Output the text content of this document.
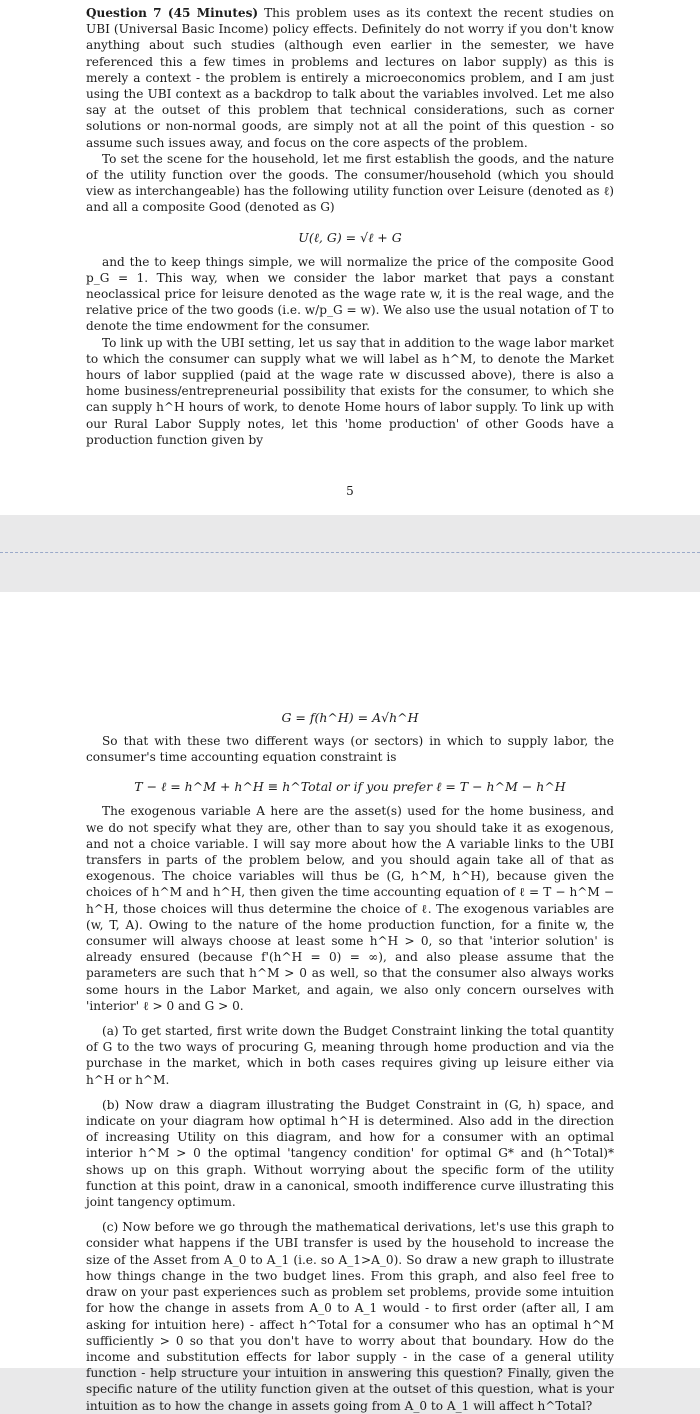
Question 7 (45 Minutes) This problem uses as its context the recent studies on UBI (Universal Basic Income) policy effects. Definitely do not worry if you don't know anything about such studies (although even earlier in the semester, we have referenced this a few times in problems and lectures on labor supply) as this is merely a context - the problem is entirely a microeconomics problem, and I am just using the UBI context as a backdrop to talk about the variables involved. Let me also say at the outset of this problem that technical considerations, such as corner solutions or non-normal goods, are simply not at all the point of this question - so assume such issues away, and focus on the core aspects of the problem.

To set the scene for the household, let me first establish the goods, and the nature of the utility function over the goods. The consumer/household (which you should view as interchangeable) has the following utility function over Leisure (denoted as ℓ) and all a composite Good (denoted as G)

U(ℓ, G) = √ℓ + G

and the to keep things simple, we will normalize the price of the composite Good p_G = 1. This way, when we consider the labor market that pays a constant neoclassical price for leisure denoted as the wage rate w, it is the real wage, and the relative price of the two goods (i.e. w/p_G = w). We also use the usual notation of T to denote the time endowment for the consumer.

To link up with the UBI setting, let us say that in addition to the wage labor market to which the consumer can supply what we will label as h^M, to denote the Market hours of labor supplied (paid at the wage rate w discussed above), there is also a home business/entrepreneurial possibility that exists for the consumer, to which she can supply h^H hours of work, to denote Home hours of labor supply. To link up with our Rural Labor Supply notes, let this 'home production' of other Goods have a production function given by

5
G = f(h^H) = A√h^H

So that with these two different ways (or sectors) in which to supply labor, the consumer's time accounting equation constraint is

T − ℓ = h^M + h^H ≡ h^Total or if you prefer ℓ = T − h^M − h^H

The exogenous variable A here are the asset(s) used for the home business, and we do not specify what they are, other than to say you should take it as exogenous, and not a choice variable. I will say more about how the A variable links to the UBI transfers in parts of the problem below, and you should again take all of that as exogenous. The choice variables will thus be (G, h^M, h^H), because given the choices of h^M and h^H, then given the time accounting equation of ℓ = T − h^M − h^H, those choices will thus determine the choice of ℓ. The exogenous variables are (w, T, A). Owing to the nature of the home production function, for a finite w, the consumer will always choose at least some h^H > 0, so that 'interior solution' is already ensured (because f'(h^H = 0) = ∞), and also please assume that the parameters are such that h^M > 0 as well, so that the consumer also always works some hours in the Labor Market, and again, we also only concern ourselves with 'interior' ℓ > 0 and G > 0.

(a) To get started, first write down the Budget Constraint linking the total quantity of G to the two ways of procuring G, meaning through home production and via the purchase in the market, which in both cases requires giving up leisure either via h^H or h^M.

(b) Now draw a diagram illustrating the Budget Constraint in (G, h) space, and indicate on your diagram how optimal h^H is determined. Also add in the direction of increasing Utility on this diagram, and how for a consumer with an optimal interior h^M > 0 the optimal 'tangency condition' for optimal G* and (h^Total)* shows up on this graph. Without worrying about the specific form of the utility function at this point, draw in a canonical, smooth indifference curve illustrating this joint tangency optimum.

(c) Now before we go through the mathematical derivations, let's use this graph to consider what happens if the UBI transfer is used by the household to increase the size of the Asset from A_0 to A_1 (i.e. so A_1>A_0). So draw a new graph to illustrate how things change in the two budget lines. From this graph, and also feel free to draw on your past experiences such as problem set problems, provide some intuition for how the change in assets from A_0 to A_1 would - to first order (after all, I am asking for intuition here) - affect h^Total for a consumer who has an optimal h^M sufficiently > 0 so that you don't have to worry about that boundary. How do the income and substitution effects for labor supply - in the case of a general utility function - help structure your intuition in answering this question? Finally, given the specific nature of the utility function given at the outset of this question, what is your intuition as to how the change in assets going from A_0 to A_1 will affect h^Total?
